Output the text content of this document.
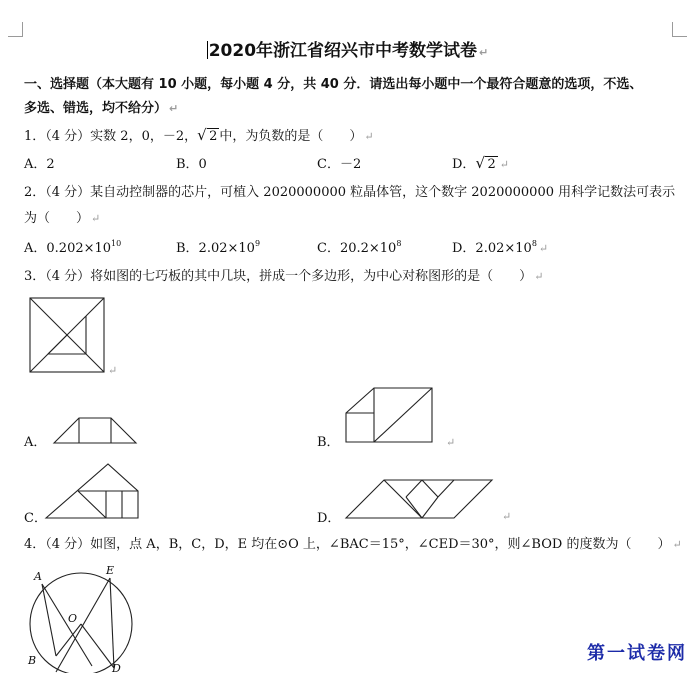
2020年浙江省绍兴市中考数学试卷 ↵
一、选择题（本大题有 10 小题，每小题 4 分，共 40 分．请选出每小题中一个最符合题意的选项，不选、
多选、错选，均不给分） ↵
1．（4 分）实数 2，0，－2， √ 2 中，为负数的是（　　） ↵
A．2	B．0	C．－2	D． √ 2 ↵
2．（4 分）某自动控制器的芯片，可植入 2020000000 粒晶体管，这个数字 2020000000 用科学记数法可表示
为（　　） ↵
A．$0.202\times 10^{10}$	B．$2.02\times 10^9$	C．$20.2\times 10^8$	D．$2.02\times 10^8$ ↵
3．（4 分）将如图的七巧板的其中几块，拼成一个多边形，为中心对称图形的是（　　） ↵
↵
A．	B．	↵
C．	D．	↵
4．（4 分）如图，点 A，B，C，D，E 均在⊙O 上，∠BAC＝15°，∠CED＝30°，则∠BOD 的度数为（　　） ↵
A	E
O
B
D
第一试卷网
